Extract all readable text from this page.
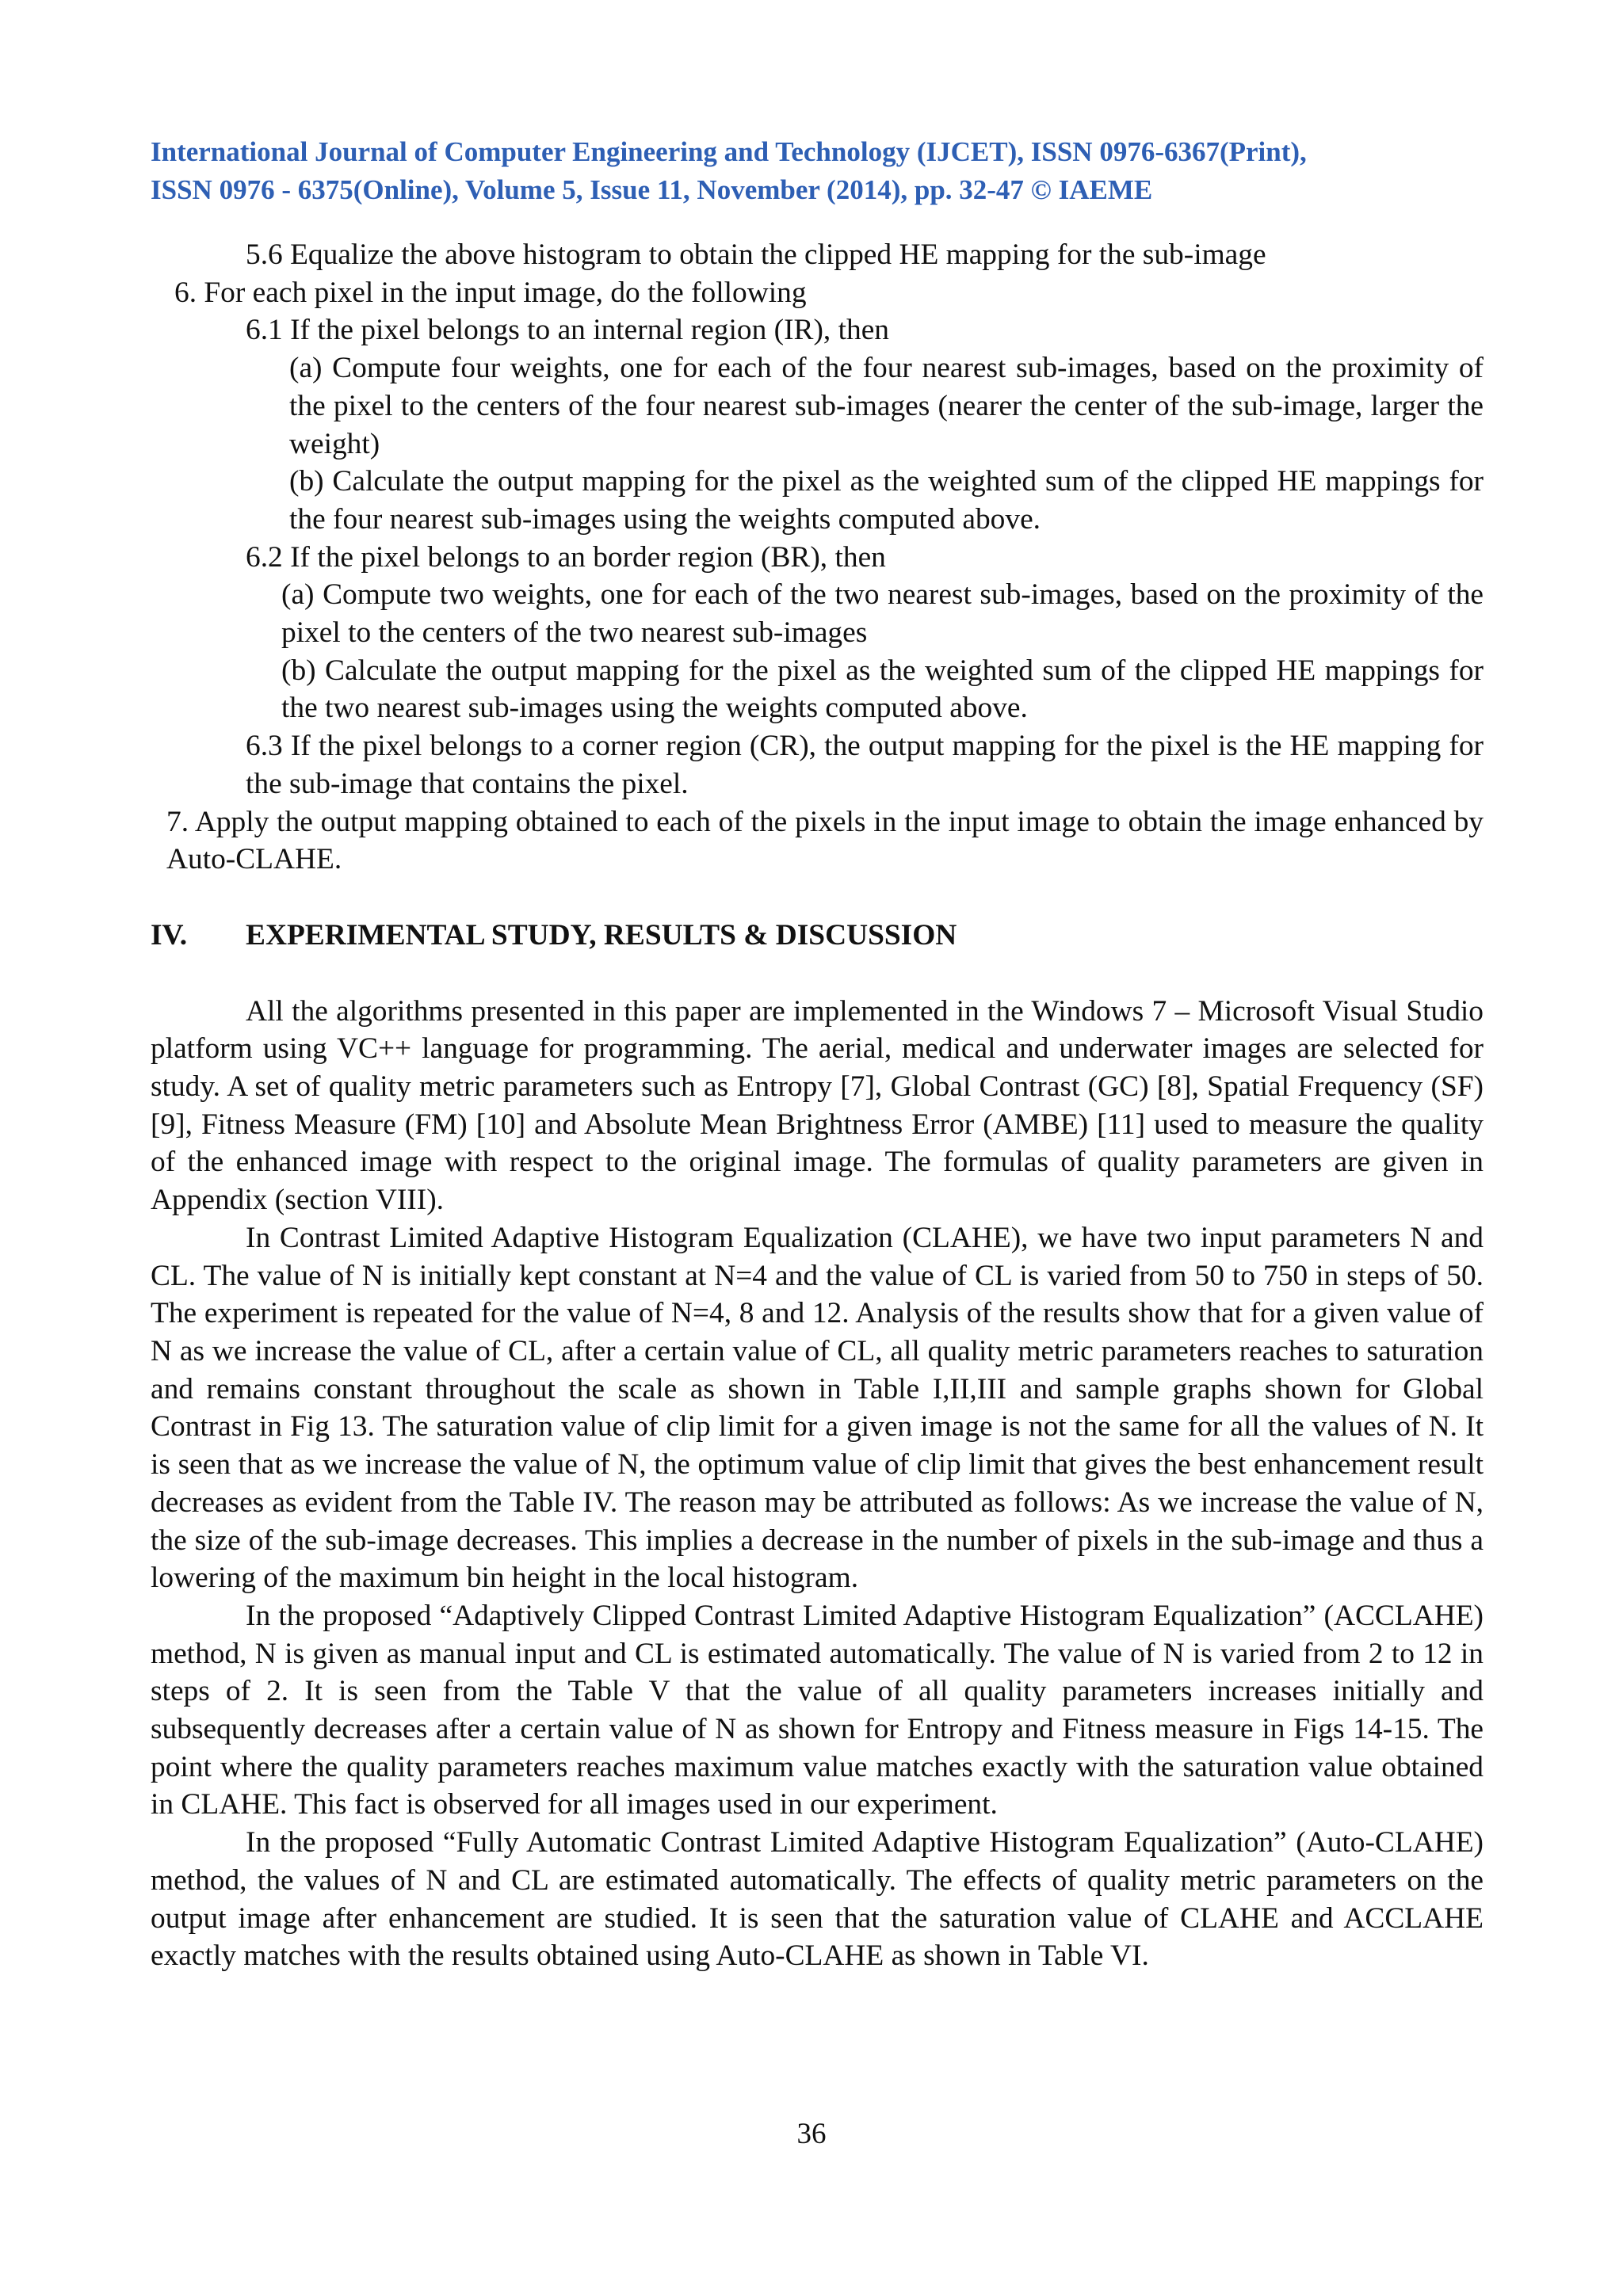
International Journal of Computer Engineering and Technology (IJCET), ISSN 0976-6367(Print),
ISSN 0976 - 6375(Online), Volume 5, Issue 11, November (2014), pp. 32-47 © IAEME

5.6 Equalize the above histogram to obtain the clipped HE mapping for the sub-image

6. For each pixel in the input image, do the following

6.1 If the pixel belongs to an internal region (IR), then

(a) Compute four weights, one for each of the four nearest sub-images, based on the proximity of the pixel to the centers of the four nearest sub-images (nearer the center of the sub-image, larger the weight)

(b) Calculate the output mapping for the pixel as the weighted sum of the clipped HE mappings for the four nearest sub-images using the weights computed above.

6.2 If the pixel belongs to an border region (BR), then

(a) Compute two weights, one for each of the two nearest sub-images, based on the proximity of the pixel to the centers of the two nearest sub-images

(b) Calculate the output mapping for the pixel as the weighted sum of the clipped HE mappings for the two nearest sub-images using the weights computed above.

6.3 If the pixel belongs to a corner region (CR), the output mapping for the pixel is the HE mapping for the sub-image that contains the pixel.

7. Apply the output mapping obtained to each of the pixels in the input image to obtain the image enhanced by Auto-CLAHE.

IV. EXPERIMENTAL STUDY, RESULTS & DISCUSSION

All the algorithms presented in this paper are implemented in the Windows 7 – Microsoft Visual Studio platform using VC++ language for programming. The aerial, medical and underwater images are selected for study. A set of quality metric parameters such as Entropy [7], Global Contrast (GC) [8], Spatial Frequency (SF) [9], Fitness Measure (FM) [10] and Absolute Mean Brightness Error (AMBE) [11] used to measure the quality of the enhanced image with respect to the original image. The formulas of quality parameters are given in Appendix (section VIII).

In Contrast Limited Adaptive Histogram Equalization (CLAHE), we have two input parameters N and CL. The value of N is initially kept constant at N=4 and the value of CL is varied from 50 to 750 in steps of 50. The experiment is repeated for the value of N=4, 8 and 12. Analysis of the results show that for a given value of N as we increase the value of CL, after a certain value of CL, all quality metric parameters reaches to saturation and remains constant throughout the scale as shown in Table I,II,III and sample graphs shown for Global Contrast in Fig 13. The saturation value of clip limit for a given image is not the same for all the values of N. It is seen that as we increase the value of N, the optimum value of clip limit that gives the best enhancement result decreases as evident from the Table IV. The reason may be attributed as follows: As we increase the value of N, the size of the sub-image decreases. This implies a decrease in the number of pixels in the sub-image and thus a lowering of the maximum bin height in the local histogram.

In the proposed “Adaptively Clipped Contrast Limited Adaptive Histogram Equalization” (ACCLAHE) method, N is given as manual input and CL is estimated automatically. The value of N is varied from 2 to 12 in steps of 2. It is seen from the Table V that the value of all quality parameters increases initially and subsequently decreases after a certain value of N as shown for Entropy and Fitness measure in Figs 14-15. The point where the quality parameters reaches maximum value matches exactly with the saturation value obtained in CLAHE. This fact is observed for all images used in our experiment.

In the proposed “Fully Automatic Contrast Limited Adaptive Histogram Equalization” (Auto-CLAHE) method, the values of N and CL are estimated automatically. The effects of quality metric parameters on the output image after enhancement are studied. It is seen that the saturation value of CLAHE and ACCLAHE exactly matches with the results obtained using Auto-CLAHE as shown in Table VI.

36
